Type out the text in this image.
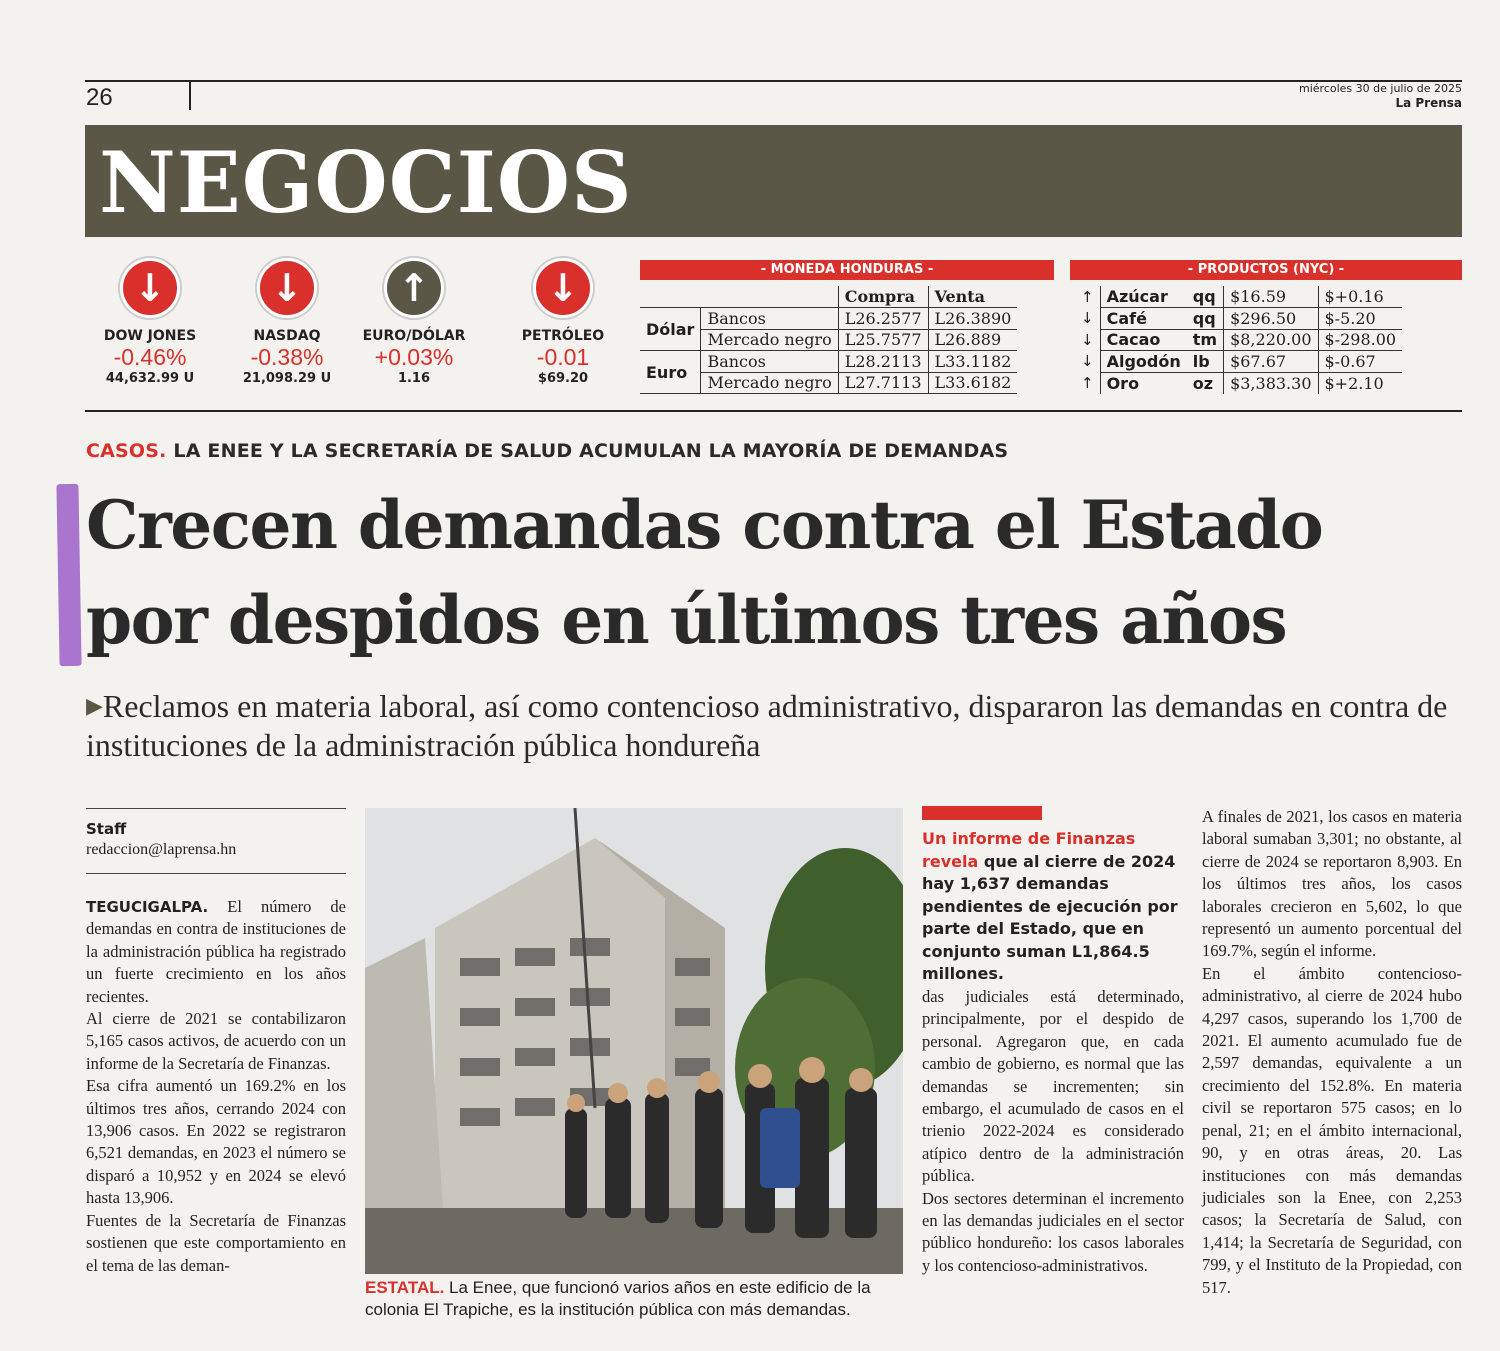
26	miércoles 30 de julio de 2025
La Prensa
NEGOCIOS
↓
DOW JONES
-0.46%
44,632.99 U
↓
NASDAQ
-0.38%
21,098.29 U
↑
EURO/DÓLAR
+0.03%
1.16
↓
PETRÓLEO
-0.01
$69.20
- MONEDA HONDURAS -
		Compra	Venta
Dólar	Bancos	L26.2577	L26.3890
	Mercado negro	L25.7577	L26.889
Euro	Bancos	L28.2113	L33.1182
	Mercado negro	L27.7113	L33.6182
- PRODUCTOS (NYC) -
↑	Azúcar	qq	$16.59	$+0.16
↓	Café	qq	$296.50	$-5.20
↓	Cacao	tm	$8,220.00	$-298.00
↓	Algodón	lb	$67.67	$-0.67
↑	Oro	oz	$3,383.30	$+2.10
CASOS. LA ENEE Y LA SECRETARÍA DE SALUD ACUMULAN LA MAYORÍA DE DEMANDAS
Crecen demandas contra el Estado
por despidos en últimos tres años
▶Reclamos en materia laboral, así como contencioso administrativo, dispararon las demandas en contra de instituciones de la administración pública hondureña
Staff
redaccion@laprensa.hn

TEGUCIGALPA. El número de demandas en contra de instituciones de la administración pública ha registrado un fuerte crecimiento en los años recientes.

Al cierre de 2021 se contabilizaron 5,165 casos activos, de acuerdo con un informe de la Secretaría de Finanzas.

Esa cifra aumentó un 169.2% en los últimos tres años, cerrando 2024 con 13,906 casos. En 2022 se registraron 6,521 demandas, en 2023 el número se disparó a 10,952 y en 2024 se elevó hasta 13,906.

Fuentes de la Secretaría de Finanzas sostienen que este comportamiento en el tema de las deman-

ESTATAL. La Enee, que funcionó varios años en este edificio de la colonia El Trapiche, es la institución pública con más demandas.
Un informe de Finanzas revela que al cierre de 2024 hay 1,637 demandas pendientes de ejecución por parte del Estado, que en conjunto suman L1,864.5 millones.

das judiciales está determinado, principalmente, por el despido de personal. Agregaron que, en cada cambio de gobierno, es normal que las demandas se incrementen; sin embargo, el acumulado de casos en el trienio 2022-2024 es considerado atípico dentro de la administración pública.

Dos sectores determinan el incremento en las demandas judiciales en el sector público hondureño: los casos laborales y los contencioso-administrativos.

A finales de 2021, los casos en materia laboral sumaban 3,301; no obstante, al cierre de 2024 se reportaron 8,903. En los últimos tres años, los casos laborales crecieron en 5,602, lo que representó un aumento porcentual del 169.7%, según el informe.

En el ámbito contencioso-administrativo, al cierre de 2024 hubo 4,297 casos, superando los 1,700 de 2021. El aumento acumulado fue de 2,597 demandas, equivalente a un crecimiento del 152.8%. En materia civil se reportaron 575 casos; en lo penal, 21; en el ámbito internacional, 90, y en otras áreas, 20. Las instituciones con más demandas judiciales son la Enee, con 2,253 casos; la Secretaría de Salud, con 1,414; la Secretaría de Seguridad, con 799, y el Instituto de la Propiedad, con 517.
